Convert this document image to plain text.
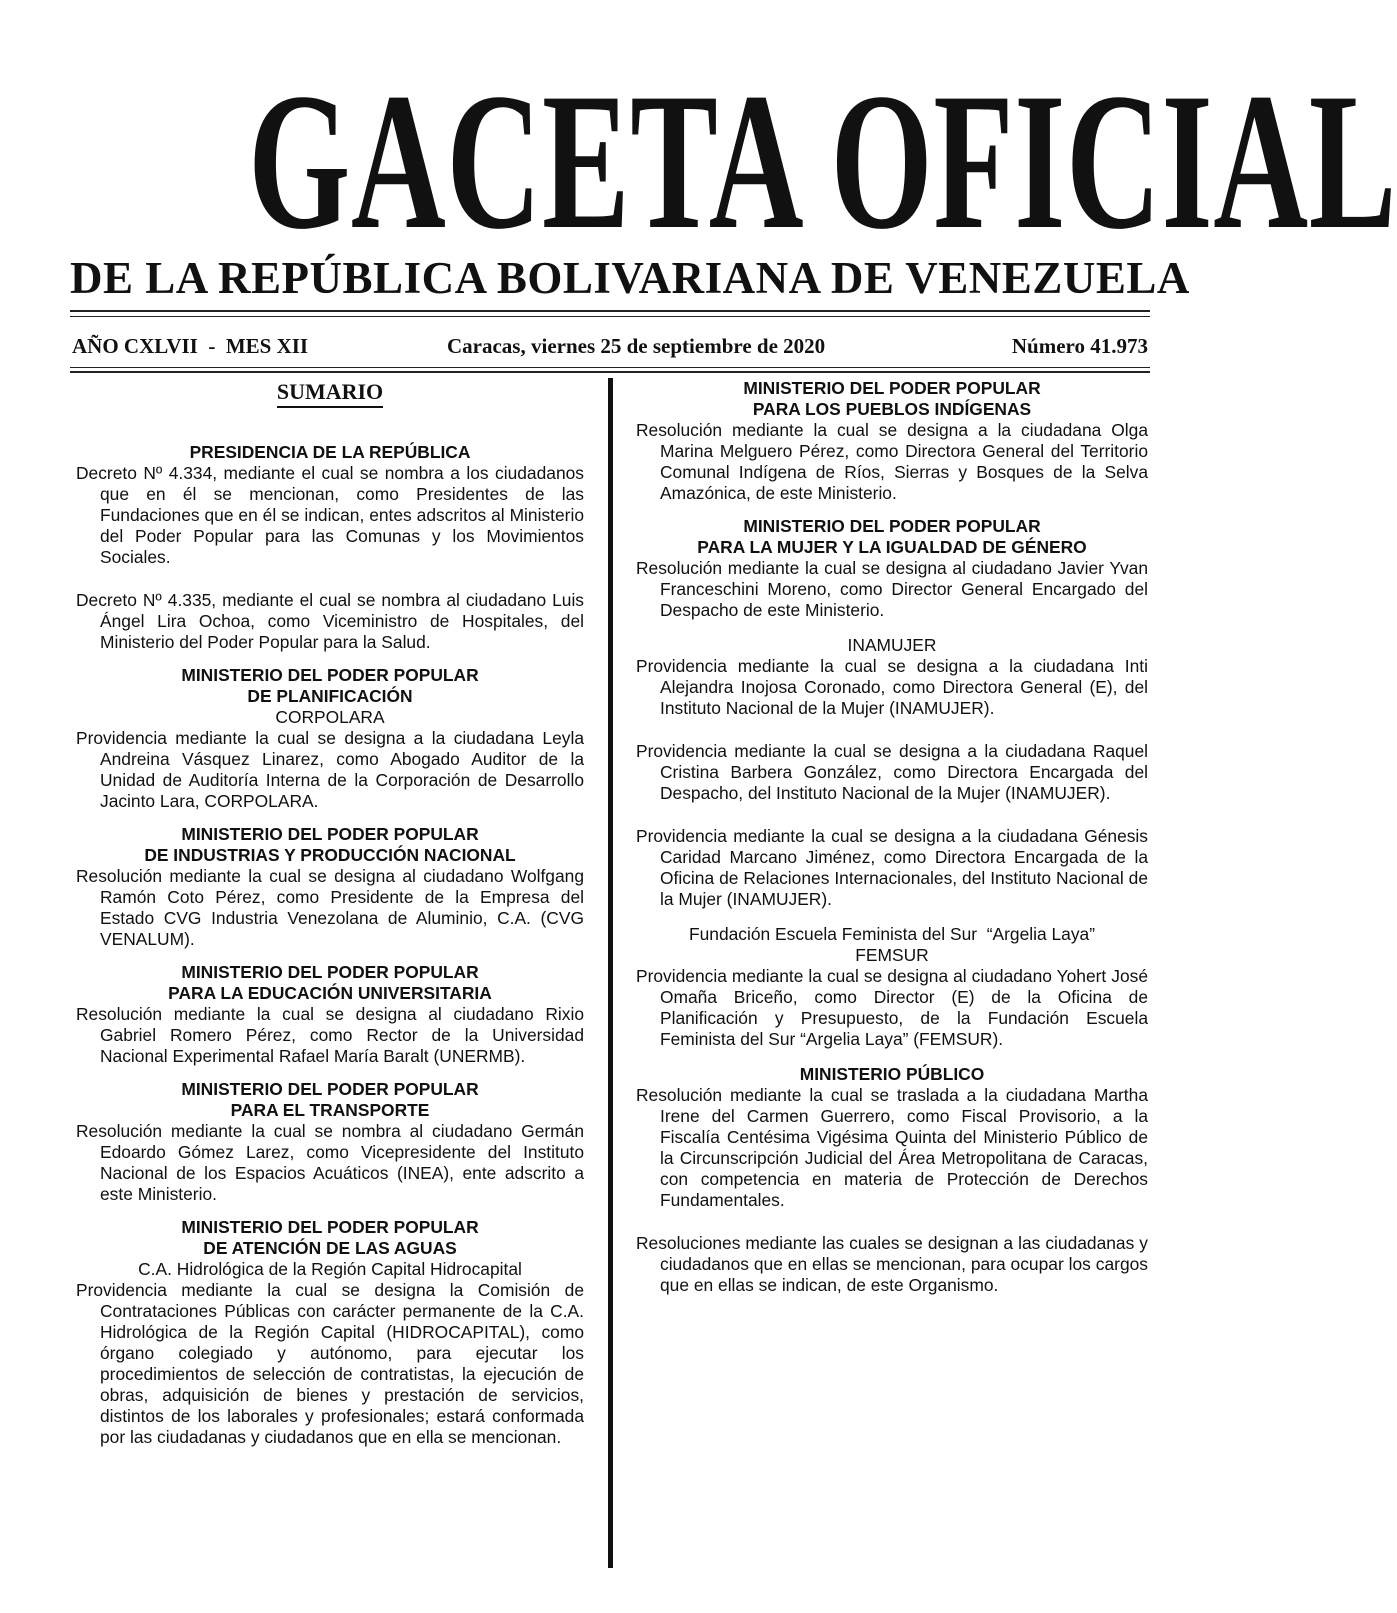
GACETA OFICIAL
DE LA REPÚBLICA BOLIVARIANA DE VENEZUELA
AÑO CXLVII  -  MES XII	Caracas, viernes 25 de septiembre de 2020	Número 41.973
SUMARIO
PRESIDENCIA DE LA REPÚBLICA
Decreto Nº 4.334, mediante el cual se nombra a los ciudadanos que en él se mencionan, como Presidentes de las Fundaciones que en él se indican, entes adscritos al Ministerio del Poder Popular para las Comunas y los Movimientos Sociales.
Decreto Nº 4.335, mediante el cual se nombra al ciudadano Luis Ángel Lira Ochoa, como Viceministro de Hospitales, del Ministerio del Poder Popular para la Salud.
MINISTERIO DEL PODER POPULAR
DE PLANIFICACIÓN
CORPOLARA
Providencia mediante la cual se designa a la ciudadana Leyla Andreina Vásquez Linarez, como Abogado Auditor de la Unidad de Auditoría Interna de la Corporación de Desarrollo Jacinto Lara, CORPOLARA.
MINISTERIO DEL PODER POPULAR
DE INDUSTRIAS Y PRODUCCIÓN NACIONAL
Resolución mediante la cual se designa al ciudadano Wolfgang Ramón Coto Pérez, como Presidente de la Empresa del Estado CVG Industria Venezolana de Aluminio, C.A. (CVG VENALUM).
MINISTERIO DEL PODER POPULAR
PARA LA EDUCACIÓN UNIVERSITARIA
Resolución mediante la cual se designa al ciudadano Rixio Gabriel Romero Pérez, como Rector de la Universidad Nacional Experimental Rafael María Baralt (UNERMB).
MINISTERIO DEL PODER POPULAR
PARA EL TRANSPORTE
Resolución mediante la cual se nombra al ciudadano Germán Edoardo Gómez Larez, como Vicepresidente del Instituto Nacional de los Espacios Acuáticos (INEA), ente adscrito a este Ministerio.
MINISTERIO DEL PODER POPULAR
DE ATENCIÓN DE LAS AGUAS
C.A. Hidrológica de la Región Capital Hidrocapital
Providencia mediante la cual se designa la Comisión de Contrataciones Públicas con carácter permanente de la C.A. Hidrológica de la Región Capital (HIDROCAPITAL), como órgano colegiado y autónomo, para ejecutar los procedimientos de selección de contratistas, la ejecución de obras, adquisición de bienes y prestación de servicios, distintos de los laborales y profesionales; estará conformada por las ciudadanas y ciudadanos que en ella se mencionan.
MINISTERIO DEL PODER POPULAR
PARA LOS PUEBLOS INDÍGENAS
Resolución mediante la cual se designa a la ciudadana Olga Marina Melguero Pérez, como Directora General del Territorio Comunal Indígena de Ríos, Sierras y Bosques de la Selva Amazónica, de este Ministerio.
MINISTERIO DEL PODER POPULAR
PARA LA MUJER Y LA IGUALDAD DE GÉNERO
Resolución mediante la cual se designa al ciudadano Javier Yvan Franceschini Moreno, como Director General Encargado del Despacho de este Ministerio.
INAMUJER
Providencia mediante la cual se designa a la ciudadana Inti Alejandra Inojosa Coronado, como Directora General (E), del Instituto Nacional de la Mujer (INAMUJER).
Providencia mediante la cual se designa a la ciudadana Raquel Cristina Barbera González, como Directora Encargada del Despacho, del Instituto Nacional de la Mujer (INAMUJER).
Providencia mediante la cual se designa a la ciudadana Génesis Caridad Marcano Jiménez, como Directora Encargada de la Oficina de Relaciones Internacionales, del Instituto Nacional de la Mujer (INAMUJER).
Fundación Escuela Feminista del Sur  “Argelia Laya”
FEMSUR
Providencia mediante la cual se designa al ciudadano Yohert José Omaña Briceño, como Director (E) de la Oficina de Planificación y Presupuesto, de la Fundación Escuela Feminista del Sur “Argelia Laya” (FEMSUR).
MINISTERIO PÚBLICO
Resolución mediante la cual se traslada a la ciudadana Martha Irene del Carmen Guerrero, como Fiscal Provisorio, a la Fiscalía Centésima Vigésima Quinta del Ministerio Público de la Circunscripción Judicial del Área Metropolitana de Caracas, con competencia en materia de Protección de Derechos Fundamentales.
Resoluciones mediante las cuales se designan a las ciudadanas y ciudadanos que en ellas se mencionan, para ocupar los cargos que en ellas se indican, de este Organismo.
